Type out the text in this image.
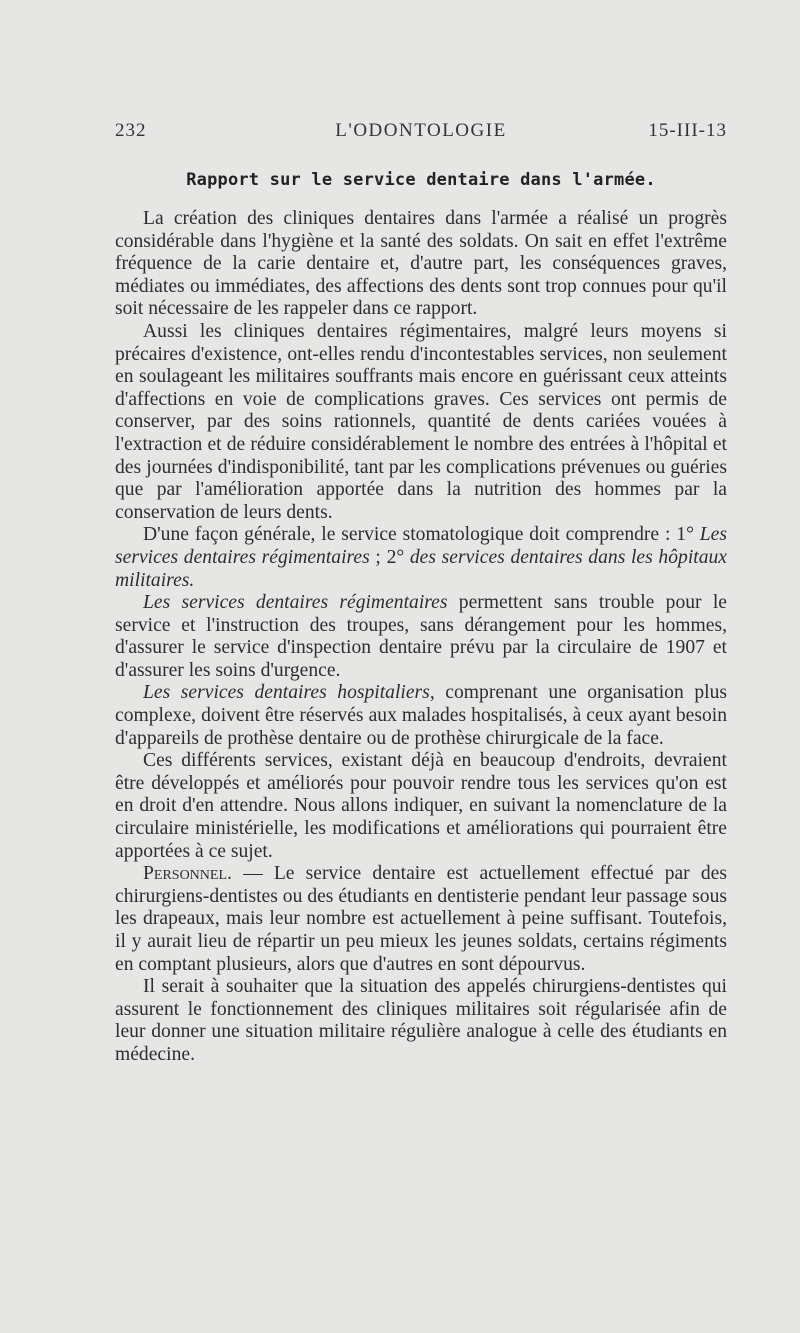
232	L'ODONTOLOGIE	15-III-13
Rapport sur le service dentaire dans l'armée.

La création des cliniques dentaires dans l'armée a réalisé un progrès considérable dans l'hygiène et la santé des soldats. On sait en effet l'extrême fréquence de la carie dentaire et, d'autre part, les conséquences graves, médiates ou immédiates, des affections des dents sont trop connues pour qu'il soit nécessaire de les rappeler dans ce rapport.

Aussi les cliniques dentaires régimentaires, malgré leurs moyens si précaires d'existence, ont-elles rendu d'incontestables services, non seulement en soulageant les militaires souffrants mais encore en guérissant ceux atteints d'affections en voie de complications graves. Ces services ont permis de conserver, par des soins rationnels, quantité de dents cariées vouées à l'extraction et de réduire considérablement le nombre des entrées à l'hôpital et des journées d'indisponibilité, tant par les complications prévenues ou guéries que par l'amélioration apportée dans la nutrition des hommes par la conservation de leurs dents.

D'une façon générale, le service stomatologique doit comprendre : 1° Les services dentaires régimentaires ; 2° des services dentaires dans les hôpitaux militaires.

Les services dentaires régimentaires permettent sans trouble pour le service et l'instruction des troupes, sans dérangement pour les hommes, d'assurer le service d'inspection dentaire prévu par la circulaire de 1907 et d'assurer les soins d'urgence.

Les services dentaires hospitaliers, comprenant une organisation plus complexe, doivent être réservés aux malades hospitalisés, à ceux ayant besoin d'appareils de prothèse dentaire ou de prothèse chirurgicale de la face.

Ces différents services, existant déjà en beaucoup d'endroits, devraient être développés et améliorés pour pouvoir rendre tous les services qu'on est en droit d'en attendre. Nous allons indiquer, en suivant la nomenclature de la circulaire ministérielle, les modifications et améliorations qui pourraient être apportées à ce sujet.

Personnel. — Le service dentaire est actuellement effectué par des chirurgiens-dentistes ou des étudiants en dentisterie pendant leur passage sous les drapeaux, mais leur nombre est actuellement à peine suffisant. Toutefois, il y aurait lieu de répartir un peu mieux les jeunes soldats, certains régiments en comptant plusieurs, alors que d'autres en sont dépourvus.

Il serait à souhaiter que la situation des appelés chirurgiens-dentistes qui assurent le fonctionnement des cliniques militaires soit régularisée afin de leur donner une situation militaire régulière analogue à celle des étudiants en médecine.
